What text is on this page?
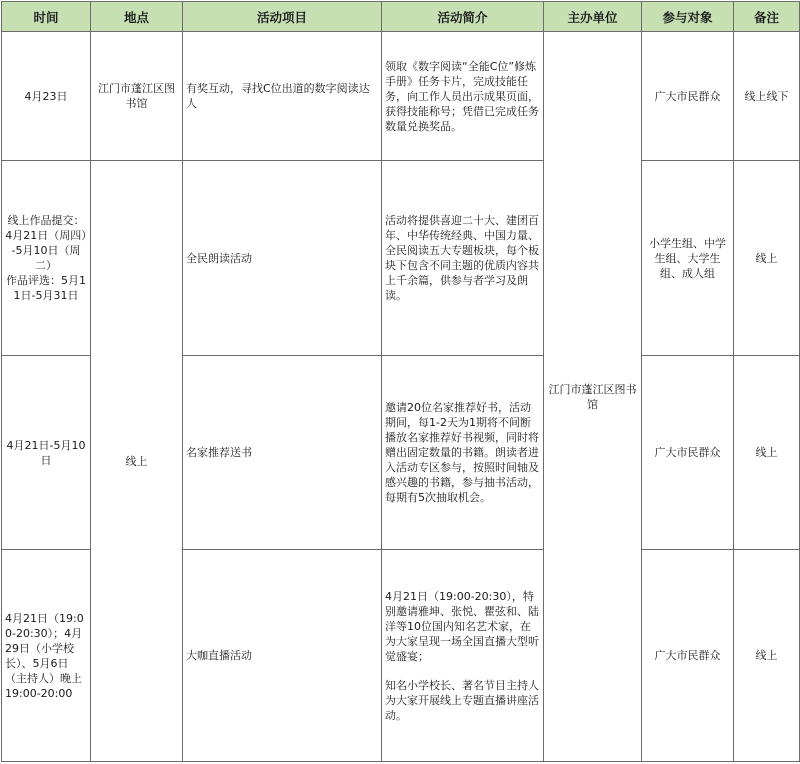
时间	地点	活动项目	活动简介	主办单位	参与对象	备注
4月23日	江门市蓬江区图书馆	有奖互动，寻找C位出道的数字阅读达人	领取《数字阅读“全能C位”修炼手册》任务卡片，完成技能任务，向工作人员出示成果页面，获得技能称号；凭借已完成任务数量兑换奖品。	江门市蓬江区图书馆	广大市民群众	线上线下
线上作品提交：4月21日（周四）-5月10日（周二）
作品评选：5月11日-5月31日	线上	全民朗读活动	活动将提供喜迎二十大、建团百年、中华传统经典、中国力量、全民阅读五大专题板块，每个板块下包含不同主题的优质内容共上千余篇，供参与者学习及朗读。		小学生组、中学生组、大学生组、成人组	线上
4月21日-5月10日		名家推荐送书	邀请20位名家推荐好书，活动期间，每1-2天为1期将不间断播放名家推荐好书视频，同时将赠出固定数量的书籍。朗读者进入活动专区参与，按照时间轴及感兴趣的书籍，参与抽书活动，每期有5次抽取机会。		广大市民群众	线上
4月21日（19:00-20:30）；4月29日（小学校长）、5月6日（主持人）晚上19:00-20:00		大咖直播活动	4月21日（19:00-20:30），特别邀请雅坤、张悦、瞿弦和、陆洋等10位国内知名艺术家，在为大家呈现一场全国直播大型听觉盛宴；
知名小学校长、著名节目主持人为大家开展线上专题直播讲座活动。		广大市民群众	线上
